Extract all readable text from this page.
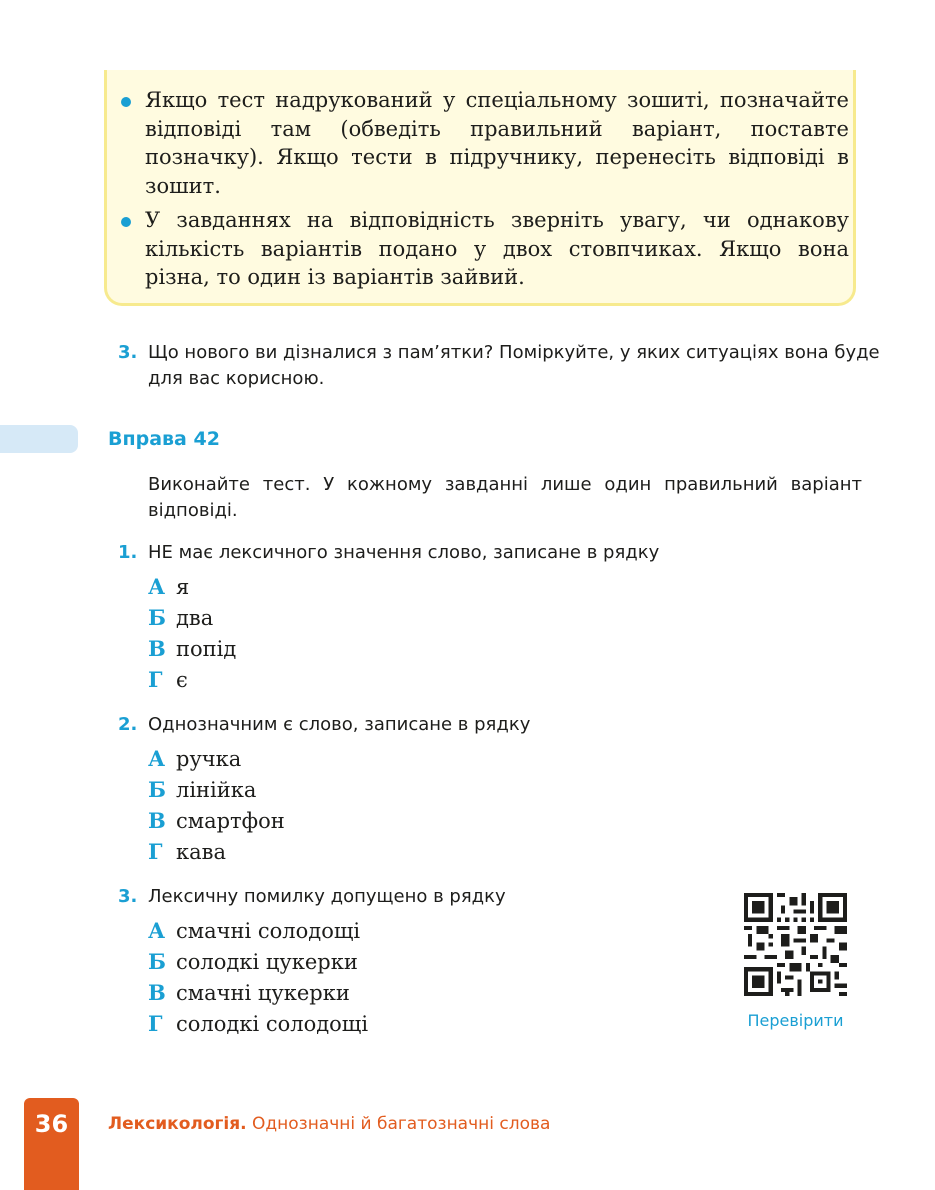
Якщо тест надрукований у спеціальному зошиті, позначайте відповіді там (обведіть правильний варіант, поставте позначку). Якщо тести в підручнику, перенесіть відповіді в зошит.
У завданнях на відповідність зверніть увагу, чи однакову кількість варіантів подано у двох стовпчиках. Якщо вона різна, то один із варіантів зайвий.
3. Що нового ви дізналися з пам’ятки? Поміркуйте, у яких ситуаціях вона буде для вас корисною.
Вправа 42
Виконайте тест. У кожному завданні лише один правильний варіант відповіді.
1. НЕ має лексичного значення слово, записане в рядку
А я
Б два
В попід
Г є
2. Однозначним є слово, записане в рядку
А ручка
Б лінійка
В смартфон
Г кава
3. Лексичну помилку допущено в рядку
А смачні солодощі
Б солодкі цукерки
В смачні цукерки
Г солодкі солодощі	Перевірити
36	Лексикологія. Однозначні й багатозначні слова
